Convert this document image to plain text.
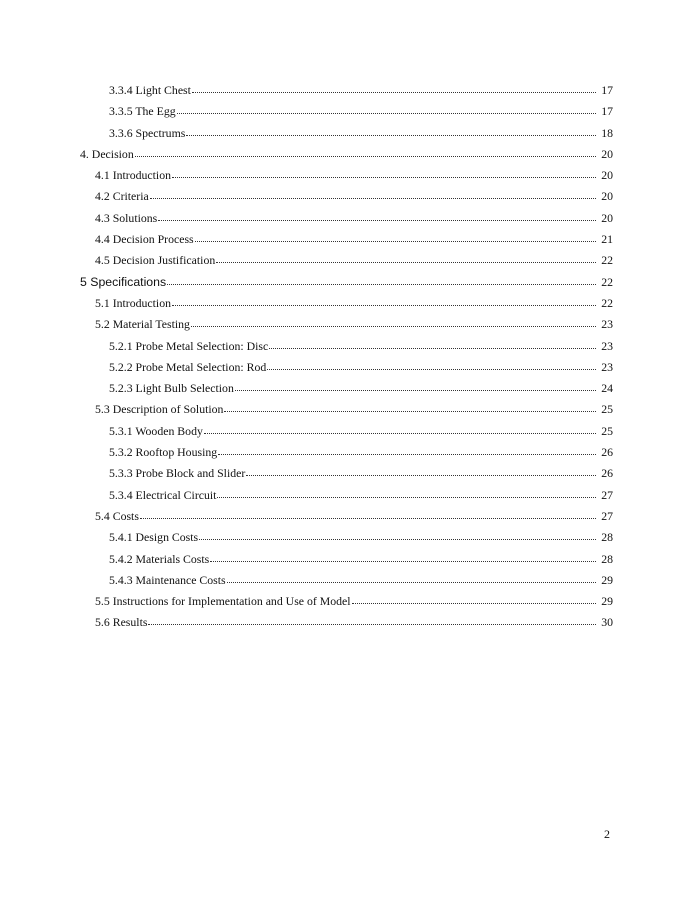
3.3.4 Light Chest	17
3.3.5 The Egg	17
3.3.6 Spectrums	18
4. Decision	20
4.1 Introduction	20
4.2 Criteria	20
4.3 Solutions	20
4.4 Decision Process	21
4.5 Decision Justification	22
5 Specifications	22
5.1 Introduction	22
5.2 Material Testing	23
5.2.1 Probe Metal Selection: Disc	23
5.2.2 Probe Metal Selection: Rod	23
5.2.3 Light Bulb Selection	24
5.3 Description of Solution	25
5.3.1 Wooden Body	25
5.3.2 Rooftop Housing	26
5.3.3 Probe Block and Slider	26
5.3.4 Electrical Circuit	27
5.4 Costs	27
5.4.1 Design Costs	28
5.4.2 Materials Costs	28
5.4.3 Maintenance Costs	29
5.5 Instructions for Implementation and Use of Model	29
5.6 Results	30
2
